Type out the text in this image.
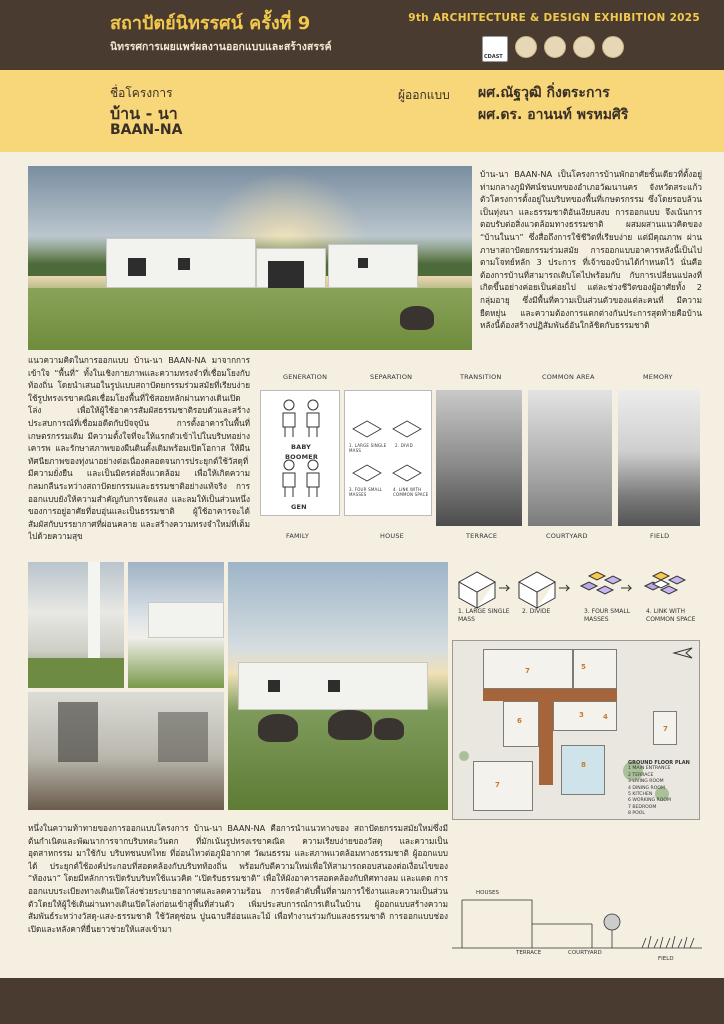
สถาปัตย์นิทรรศน์ ครั้งที่ 9
นิทรรศการเผยแพร่ผลงานออกแบบและสร้างสรรค์
9th ARCHITECTURE & DESIGN EXHIBITION 2025
CDAST
ชื่อโครงการ
บ้าน - นา
BAAN-NA
ผู้ออกแบบ ผศ.ณัฐวุฒิ กิ่งตระการ
ผศ.ดร. อานนท์ พรหมศิริ
บ้าน-นา BAAN-NA เป็นโครงการบ้านพักอาศัยชั้นเดียวที่ตั้งอยู่ท่ามกลางภูมิทัศน์ชนบทของอำเภอวัฒนานคร จังหวัดสระแก้ว ตัวโครงการตั้งอยู่ในบริบทของพื้นที่เกษตรกรรม ซึ่งโดยรอบล้วนเป็นทุ่งนา และธรรมชาติอันเงียบสงบ การออกแบบ จึงเน้นการตอบรับต่อสิ่งแวดล้อมทางธรรมชาติ ผสมผสานแนวคิดของ “บ้านในนา” ซึ่งสื่อถึงการใช้ชีวิตที่เรียบง่าย แต่มีคุณภาพ ผ่านภาษาสถาปัตยกรรมร่วมสมัย การออกแบบอาคารหลังนี้เป็นไปตามโจทย์หลัก 3 ประการ ที่เจ้าของบ้านได้กำหนดไว้ นั่นคือต้องการบ้านที่สามารถเติบโตไปพร้อมกับ กับการเปลี่ยนแปลงที่เกิดขึ้นอย่างค่อยเป็นค่อยไป แต่ละช่วงชีวิตของผู้อาศัยทั้ง 2 กลุ่มอายุ ซึ่งมีพื้นที่ความเป็นส่วนตัวของแต่ละคนที่ มีความยืดหยุ่น และความต้องการแตกต่างกันประการสุดท้ายคือบ้านหลังนี้ต้องสร้างปฏิสัมพันธ์อันใกล้ชิดกับธรรมชาติ
แนวความคิดในการออกแบบ บ้าน-นา BAAN-NA มาจากการเข้าใจ “พื้นที่” ทั้งในเชิงกายภาพและความทรงจำที่เชื่อมโยงกับท้องถิ่น โดยนำเสนอในรูปแบบสถาปัตยกรรมร่วมสมัยที่เรียบง่าย ใช้รูปทรงเรขาคณิตเชื่อมโยงพื้นที่ใช้สอยหลักผ่านทางเดินเปิดโล่ง เพื่อให้ผู้ใช้อาคารสัมผัสธรรมชาติรอบตัวและสร้างประสบการณ์ที่เชื่อมอดีตกับปัจจุบัน การตั้งอาคารในพื้นที่เกษตรกรรมเดิม มีความตั้งใจที่จะให้แรกตัวเข้าไปในบริบทอย่างเคารพ และรักษาสภาพของผืนดินดั้งเดิมพร้อมเปิดโอกาส ให้ผืนทัศนียภาพของทุ่งนาอย่างต่อเนื่องตลอดจนการประยุกต์ใช้วัสดุที่มีความยั่งยืน และเป็นมิตรต่อสิ่งแวดล้อม เพื่อให้เกิดความกลมกลืนระหว่างสถาปัตยกรรมและธรรมชาติอย่างแท้จริง การออกแบบยังให้ความสำคัญกับการจัดแสง และลมให้เป็นส่วนหนึ่งของการอยู่อาศัยที่อบอุ่นและเป็นธรรมชาติ ผู้ใช้อาคารจะได้สัมผัสกับบรรยากาศที่ผ่อนคลาย และสร้างความทรงจำใหม่ที่เต็มไปด้วยความสุข
GENERATION	SEPARATION	TRANSITION	COMMON AREA	MEMORY
BABY
BOOMER
GEN
1. LARGE SINGLE MASS
2. DIVID
3. FOUR SMALL MASSES
4. LINK WITH COMMON SPACE
FAMILY	HOUSE	TERRACE	COURTYARD	FIELD
1. LARGE SINGLE MASS
2. DIVIDE	3. FOUR SMALL MASSES
4. LINK WITH COMMON SPACE
5
7
6
3	4
8
7
7
GROUND FLOOR PLAN
1 MAIN ENTRANCE
2 TERRACE
3 LIVING ROOM
4 DINING ROOM
5 KITCHEN
6 WORKING ROOM
7 BEDROOM
8 POOL
หนึ่งในความท้าทายของการออกแบบโครงการ บ้าน-นา BAAN-NA คือการนำแนวทางของ สถาปัตยกรรมสมัยใหม่ซึ่งมีต้นกำเนิดและพัฒนาการจากบริบทตะวันตก ที่มักเน้นรูปทรงเรขาคณิต ความเรียบง่ายของวัสดุ และความเป็นอุตสาหกรรม มาใช้กับ บริบทชนบทไทย ที่อ่อนไหวต่อภูมิอากาศ วัฒนธรรม และสภาพแวดล้อมทางธรรมชาติ ผู้ออกแบบได้ ประยุกต์ใช้องค์ประกอบที่สอดคล้องกับบริบทท้องถิ่น พร้อมกับตีความใหม่เพื่อให้สามารถตอบสนองต่อเงื่อนไขของ “ท้องนา” โดยมีหลักการเปิดรับบริบทใช้แนวคิด “เปิดรับธรรมชาติ” เพื่อให้ผังอาคารสอดคล้องกับทิศทางลม และแดด การออกแบบระเบียงทางเดินเปิดโล่งช่วยระบายอากาศและลดความร้อน การจัดลำดับพื้นที่ตามการใช้งานและความเป็นส่วนตัวโดยให้ผู้ใช้เดินผ่านทางเดินเปิดโล่งก่อนเข้าสู่พื้นที่ส่วนตัว เพิ่มประสบการณ์การเดินในบ้าน ผู้ออกแบบสร้างความสัมพันธ์ระหว่างวัสดุ-แสง-ธรรมชาติ ใช้วัสดุซ่อน ปูนฉาบสีอ่อนและไม้ เพื่อทำงานร่วมกับแสงธรรมชาติ การออกแบบช่องเปิดและหลังคาที่ยื่นยาวช่วยให้แสงเข้ามา
HOUSES
TERRACE	COURTYARD
FIELD
